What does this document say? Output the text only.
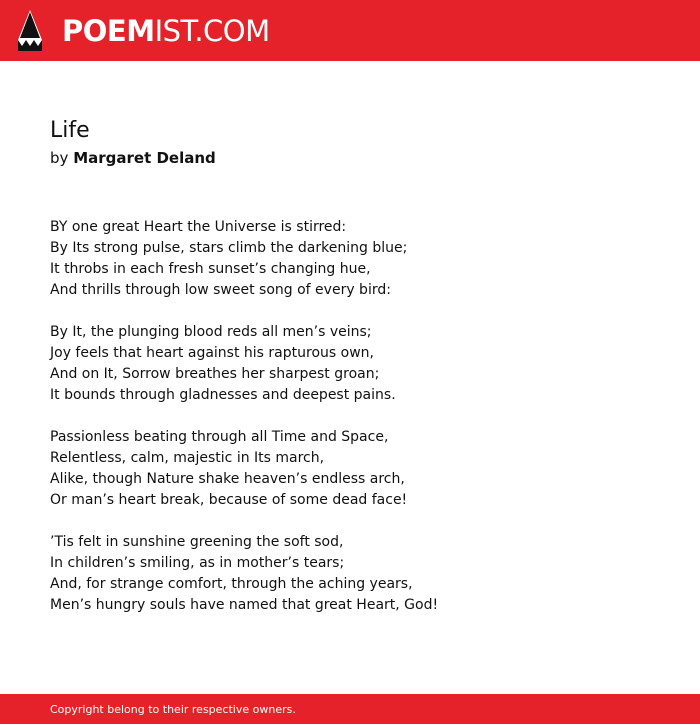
POEMIST.COM
Life

by Margaret Deland

BY one great Heart the Universe is stirred:
By Its strong pulse, stars climb the darkening blue;
It throbs in each fresh sunset’s changing hue,
And thrills through low sweet song of every bird:

By It, the plunging blood reds all men’s veins;
Joy feels that heart against his rapturous own,
And on It, Sorrow breathes her sharpest groan;
It bounds through gladnesses and deepest pains.

Passionless beating through all Time and Space,
Relentless, calm, majestic in Its march,
Alike, though Nature shake heaven’s endless arch,
Or man’s heart break, because of some dead face!

’Tis felt in sunshine greening the soft sod,
In children’s smiling, as in mother’s tears;
And, for strange comfort, through the aching years,
Men’s hungry souls have named that great Heart, God!

Copyright belong to their respective owners.
